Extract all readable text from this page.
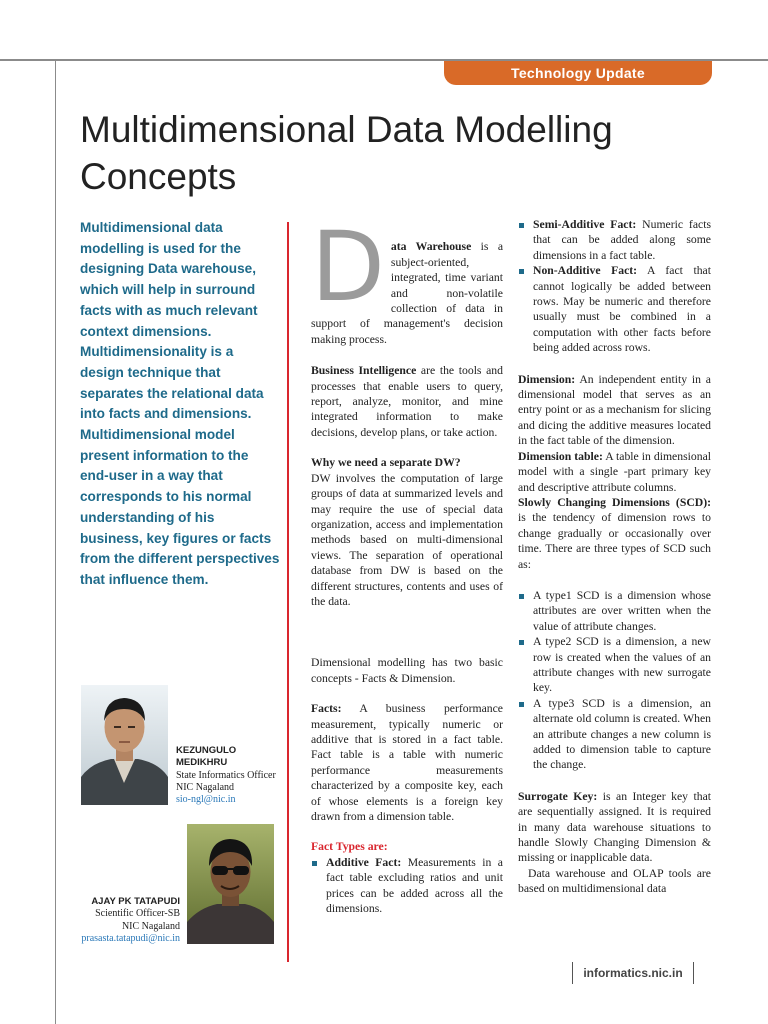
Technology Update
Multidimensional Data Modelling
Concepts
Multidimensional data modelling is used for the designing Data warehouse, which will help in surround facts with as much relevant context dimensions. Multidimensionality is a design technique that separates the relational data into facts and dimensions. Multidimensional model present information to the end-user in a way that corresponds to his normal understanding of his business, key figures or facts from the different perspectives that influence them.
KEZUNGULO MEDIKHRU
State Informatics Officer
NIC Nagaland
sio-ngl@nic.in
AJAY PK TATAPUDI
Scientific Officer-SB
NIC Nagaland
prasasta.tatapudi@nic.in

Data Warehouse is a subject-oriented, integrated, time variant and non-volatile collection of data in support of management's decision making process.

Business Intelligence are the tools and processes that enable users to query, report, analyze, monitor, and mine integrated information to make decisions, develop plans, or take action.

Why we need a separate DW?

DW involves the computation of large groups of data at summarized levels and may require the use of special data organization, access and implementation methods based on multi-dimensional views. The separation of operational database from DW is based on the different structures, contents and uses of the data.

Dimensional modelling has two basic concepts - Facts & Dimension.

Facts: A business performance measurement, typically numeric or additive that is stored in a fact table. Fact table is a table with numeric performance measurements characterized by a composite key, each of whose elements is a foreign key drawn from a dimension table.

Fact Types are:

Additive Fact: Measurements in a fact table excluding ratios and unit prices can be added across all the dimensions.
Semi-Additive Fact: Numeric facts that can be added along some dimensions in a fact table.
Non-Additive Fact: A fact that cannot logically be added between rows. May be numeric and therefore usually must be combined in a computation with other facts before being added across rows.

Dimension: An independent entity in a dimensional model that serves as an entry point or as a mechanism for slicing and dicing the additive measures located in the fact table of the dimension.

Dimension table: A table in dimensional model with a single -part primary key and descriptive attribute columns.

Slowly Changing Dimensions (SCD): is the tendency of dimension rows to change gradually or occasionally over time. There are three types of SCD such as:

A type1 SCD is a dimension whose attributes are over written when the value of attribute changes.
A type2 SCD is a dimension, a new row is created when the values of an attribute changes with new surrogate key.
A type3 SCD is a dimension, an alternate old column is created. When an attribute changes a new column is added to dimension table to capture the change.

Surrogate Key: is an Integer key that are sequentially assigned. It is required in many data warehouse situations to handle Slowly Changing Dimension & missing or inapplicable data.

Data warehouse and OLAP tools are based on multidimensional data

informatics.nic.in
